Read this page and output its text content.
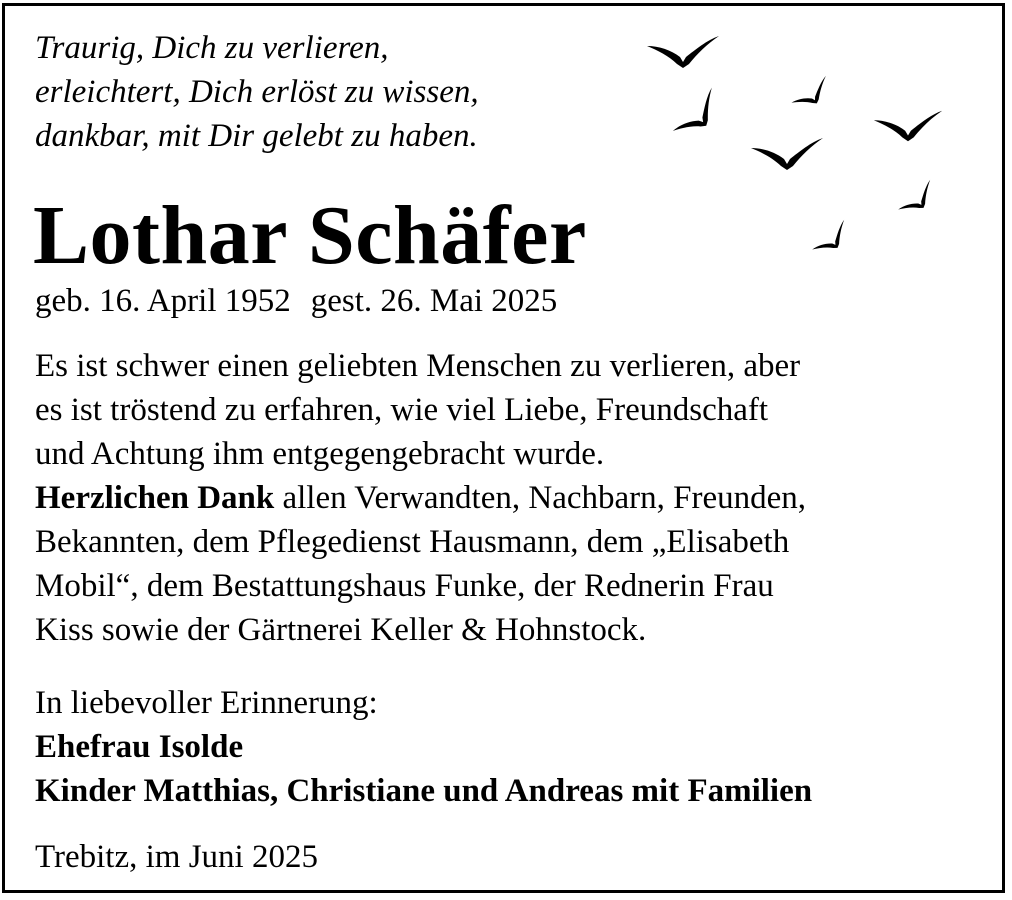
Traurig, Dich zu verlieren,
erleichtert, Dich erlöst zu wissen,
dankbar, mit Dir gelebt zu haben.
Lothar Schäfer
geb. 16. April 1952 gest. 26. Mai 2025
Es ist schwer einen geliebten Menschen zu verlieren, aber
es ist tröstend zu erfahren, wie viel Liebe, Freundschaft
und Achtung ihm entgegengebracht wurde.
Herzlichen Dank allen Verwandten, Nachbarn, Freunden,
Bekannten, dem Pflegedienst Hausmann, dem „Elisabeth
Mobil“, dem Bestattungshaus Funke, der Rednerin Frau
Kiss sowie der Gärtnerei Keller & Hohnstock.
In liebevoller Erinnerung:
Ehefrau Isolde
Kinder Matthias, Christiane und Andreas mit Familien
Trebitz, im Juni 2025
